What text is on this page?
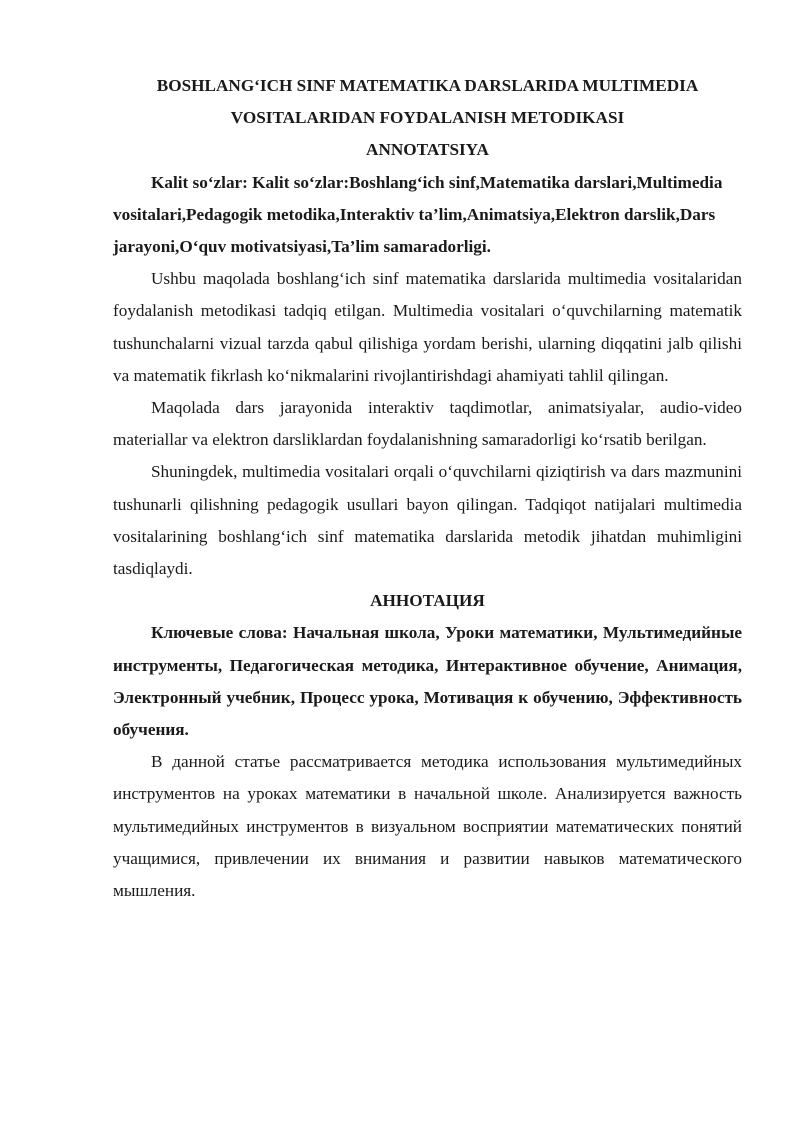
BOSHLANG‘ICH SINF MATEMATIKA DARSLARIDA MULTIMEDIA
VOSITALARIDAN FOYDALANISH METODIKASI

ANNOTATSIYA

Kalit so‘zlar: Kalit so‘zlar:Boshlang‘ich sinf,Matematika darslari,Multimedia vositalari,Pedagogik metodika,Interaktiv ta’lim,Animatsiya,Elektron darslik,Dars jarayoni,O‘quv motivatsiyasi,Ta’lim samaradorligi.

Ushbu maqolada boshlang‘ich sinf matematika darslarida multimedia vositalaridan foydalanish metodikasi tadqiq etilgan. Multimedia vositalari o‘quvchilarning matematik tushunchalarni vizual tarzda qabul qilishiga yordam berishi, ularning diqqatini jalb qilishi va matematik fikrlash ko‘nikmalarini rivojlantirishdagi ahamiyati tahlil qilingan.

Maqolada dars jarayonida interaktiv taqdimotlar, animatsiyalar, audio-video materiallar va elektron darsliklardan foydalanishning samaradorligi ko‘rsatib berilgan.

Shuningdek, multimedia vositalari orqali o‘quvchilarni qiziqtirish va dars mazmunini tushunarli qilishning pedagogik usullari bayon qilingan. Tadqiqot natijalari multimedia vositalarining boshlang‘ich sinf matematika darslarida metodik jihatdan muhimligini tasdiqlaydi.

АННОТАЦИЯ

Ключевые слова: Начальная школа, Уроки математики, Мультимедийные инструменты, Педагогическая методика, Интерактивное обучение, Анимация, Электронный учебник, Процесс урока, Мотивация к обучению, Эффективность обучения.

В данной статье рассматривается методика использования мультимедийных инструментов на уроках математики в начальной школе. Анализируется важность мультимедийных инструментов в визуальном восприятии математических понятий учащимися, привлечении их внимания и развитии навыков математического мышления.
